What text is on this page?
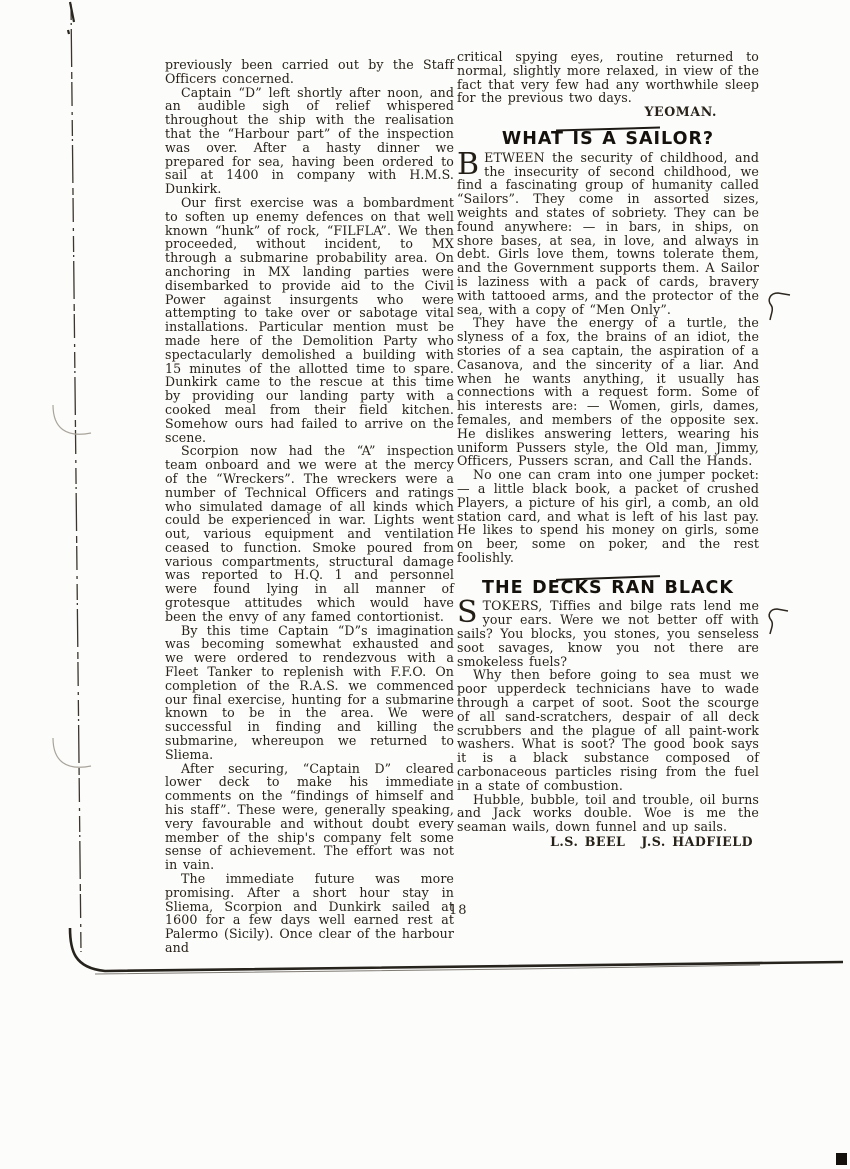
previously been carried out by the Staff Officers concerned.

Captain “D” left shortly after noon, and an audible sigh of relief whispered throughout the ship with the realisation that the “Harbour part” of the inspection was over. After a hasty dinner we prepared for sea, having been ordered to sail at 1400 in company with H.M.S. Dunkirk.

Our first exercise was a bombardment to soften up enemy defences on that well known “hunk” of rock, “FILFLA”. We then proceeded, without incident, to MX through a submarine probability area. On anchoring in MX landing parties were disembarked to provide aid to the Civil Power against insurgents who were attempting to take over or sabotage vital installations. Particular mention must be made here of the Demolition Party who spectacularly demolished a building with 15 minutes of the allotted time to spare. Dunkirk came to the rescue at this time by providing our landing party with a cooked meal from their field kitchen. Somehow ours had failed to arrive on the scene.

Scorpion now had the “A” inspection team onboard and we were at the mercy of the “Wreckers”. The wreckers were a number of Technical Officers and ratings who simulated damage of all kinds which could be experienced in war. Lights went out, various equipment and ventilation ceased to function. Smoke poured from various compartments, structural damage was reported to H.Q. 1 and personnel were found lying in all manner of grotesque attitudes which would have been the envy of any famed contortionist.

By this time Captain “D”s imagination was becoming somewhat exhausted and we were ordered to rendezvous with a Fleet Tanker to replenish with F.F.O. On completion of the R.A.S. we commenced our final exercise, hunting for a submarine known to be in the area. We were successful in finding and killing the submarine, whereupon we returned to Sliema.

After securing, “Captain D” cleared lower deck to make his immediate comments on the “findings of himself and his staff”. These were, generally speaking, very favourable and without doubt every member of the ship's company felt some sense of achievement. The effort was not in vain.

The immediate future was more promising. After a short hour stay in Sliema, Scorpion and Dunkirk sailed at 1600 for a few days well earned rest at Palermo (Sicily). Once clear of the harbour and

critical spying eyes, routine returned to normal, slightly more relaxed, in view of the fact that very few had any worthwhile sleep for the previous two days.

YEOMAN.
WHAT IS A SAILOR?

BETWEEN the security of childhood, and the insecurity of second childhood, we find a fascinating group of humanity called “Sailors”. They come in assorted sizes, weights and states of sobriety. They can be found anywhere: — in bars, in ships, on shore bases, at sea, in love, and always in debt. Girls love them, towns tolerate them, and the Government supports them. A Sailor is laziness with a pack of cards, bravery with tattooed arms, and the protector of the sea, with a copy of “Men Only”.

They have the energy of a turtle, the slyness of a fox, the brains of an idiot, the stories of a sea captain, the aspiration of a Casanova, and the sincerity of a liar. And when he wants anything, it usually has connections with a request form. Some of his interests are: — Women, girls, dames, females, and members of the opposite sex. He dislikes answering letters, wearing his uniform Pussers style, the Old man, Jimmy, Officers, Pussers scran, and Call the Hands.

No one can cram into one jumper pocket: — a little black book, a packet of crushed Players, a picture of his girl, a comb, an old station card, and what is left of his last pay. He likes to spend his money on girls, some on beer, some on poker, and the rest foolishly.

THE DECKS RAN BLACK

STOKERS, Tiffies and bilge rats lend me your ears. Were we not better off with sails? You blocks, you stones, you senseless soot savages, know you not there are smokeless fuels?

Why then before going to sea must we poor upperdeck technicians have to wade through a carpet of soot. Soot the scourge of all sand-scratchers, despair of all deck scrubbers and the plague of all paint-work washers. What is soot? The good book says it is a black substance composed of carbonaceous particles rising from the fuel in a state of combustion.

Hubble, bubble, toil and trouble, oil burns and Jack works double. Woe is me the seaman wails, down funnel and up sails.

L.S. BEEL J.S. HADFIELD
18
